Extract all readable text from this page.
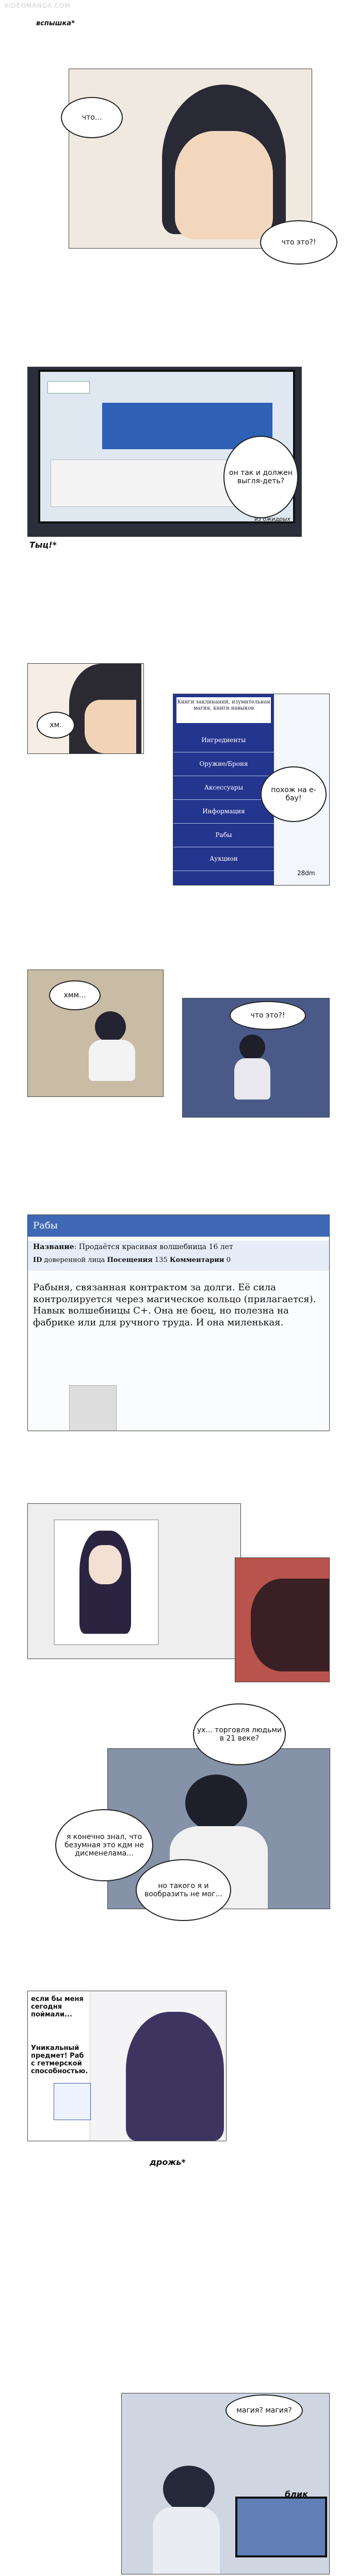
VIDEOMANGA.COM
вспышка*
что...
что это?!
он так и должен выгля-деть?
из ожидрых
Тыц!*
хм.
Книги заклинаний, изумительная магия, книги навыков
Ингредиенты
Оружие/Броня
Аксессуары
Информация
Рабы
Аукцион
28dm
похож на e-бау!
хмм...
что это?!
Рабы
Название: Продаётся красивая волшебница 16 лет
ID доверенной лица Посещения 135 Комментарии 0
Рабыня, связанная контрактом за долги. Её сила контролируется через магическое кольцо (прилагается). Навык волшебницы C+. Она не боец, но полезна на фабрике или для ручного труда. И она миленькая.
ух... торговля людьми в 21 веке?
я конечно знал, что безумная это кдм не дисменелама...
но такого я и вообразить не мог...
если бы меня сегодня поймали...
Уникальный предмет! Раб с гетмерской способностью.
дрожь*
магия? магия?
блик
